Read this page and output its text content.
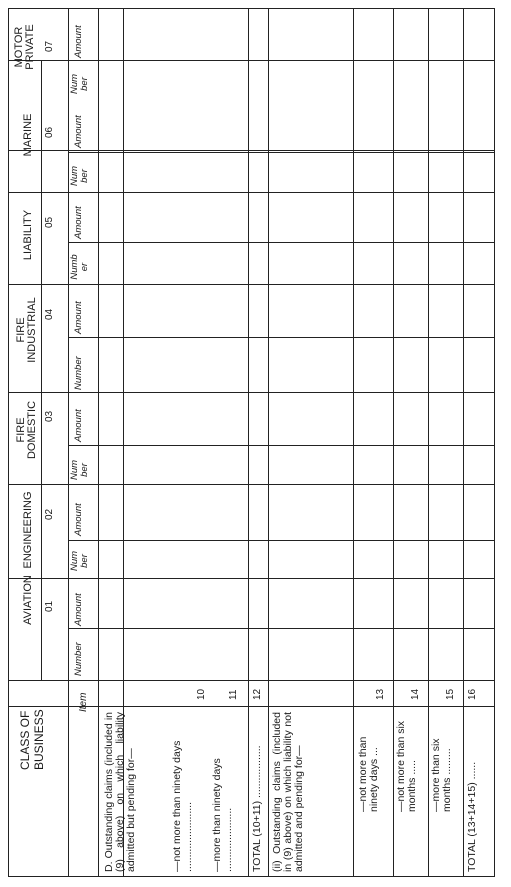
CLASS OF BUSINESS
Item
AVIATION 01
ENGINEERING 02
FIRE DOMESTIC 03
FIRE INDUSTRIAL 04
LIABILITY 05
MARINE 06
MOTOR PRIVATE 07
Number
Amount
Num ber
Amount
Num ber
Amount
Number
Amount
Numb er
Amount
Num ber
Amount
Num ber
Amount
D. Outstanding claims (included in (9) above) on which liability admitted but pending for—	—not more than ninety days ........................
10
—more than ninety days ......................
11
TOTAL (10+11) ..................
12
(ii) Outstanding claims (included in (9) above) on which liability not admitted and pending for—	—not more than ninety days ...
13
—not more than six months .....
14
—more than six months .........
15
TOTAL (13+14+15) ......
16
